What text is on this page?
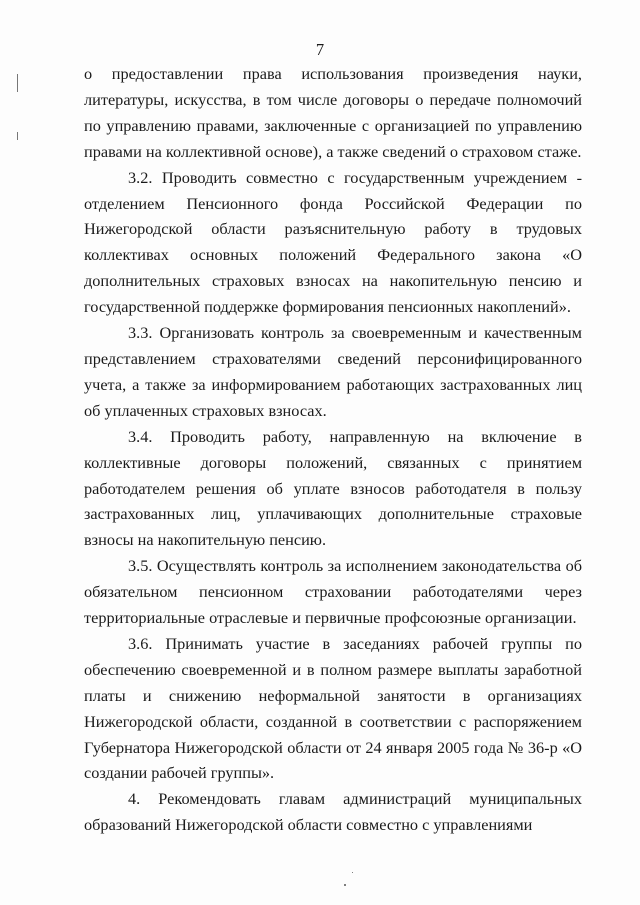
7

о предоставлении права использования произведения науки, литературы, искусства, в том числе договоры о передаче полномочий по управлению правами, заключенные с организацией по управлению правами на коллективной основе), а также сведений о страховом стаже.

3.2. Проводить совместно с государственным учреждением - отделением Пенсионного фонда Российской Федерации по Нижегородской области разъяснительную работу в трудовых коллективах основных положений Федерального закона «О дополнительных страховых взносах на накопительную пенсию и государственной поддержке формирования пенсионных накоплений».

3.3. Организовать контроль за своевременным и качественным представлением страхователями сведений персонифицированного учета, а также за информированием работающих застрахованных лиц об уплаченных страховых взносах.

3.4. Проводить работу, направленную на включение в коллективные договоры положений, связанных с принятием работодателем решения об уплате взносов работодателя в пользу застрахованных лиц, уплачивающих дополнительные страховые взносы на накопительную пенсию.

3.5. Осуществлять контроль за исполнением законодательства об обязательном пенсионном страховании работодателями через территориальные отраслевые и первичные профсоюзные организации.

3.6. Принимать участие в заседаниях рабочей группы по обеспечению своевременной и в полном размере выплаты заработной платы и снижению неформальной занятости в организациях Нижегородской области, созданной в соответствии с распоряжением Губернатора Нижегородской области от 24 января 2005 года № 36-р «О создании рабочей группы».

4. Рекомендовать главам администраций муниципальных образований Нижегородской области совместно с управлениями
